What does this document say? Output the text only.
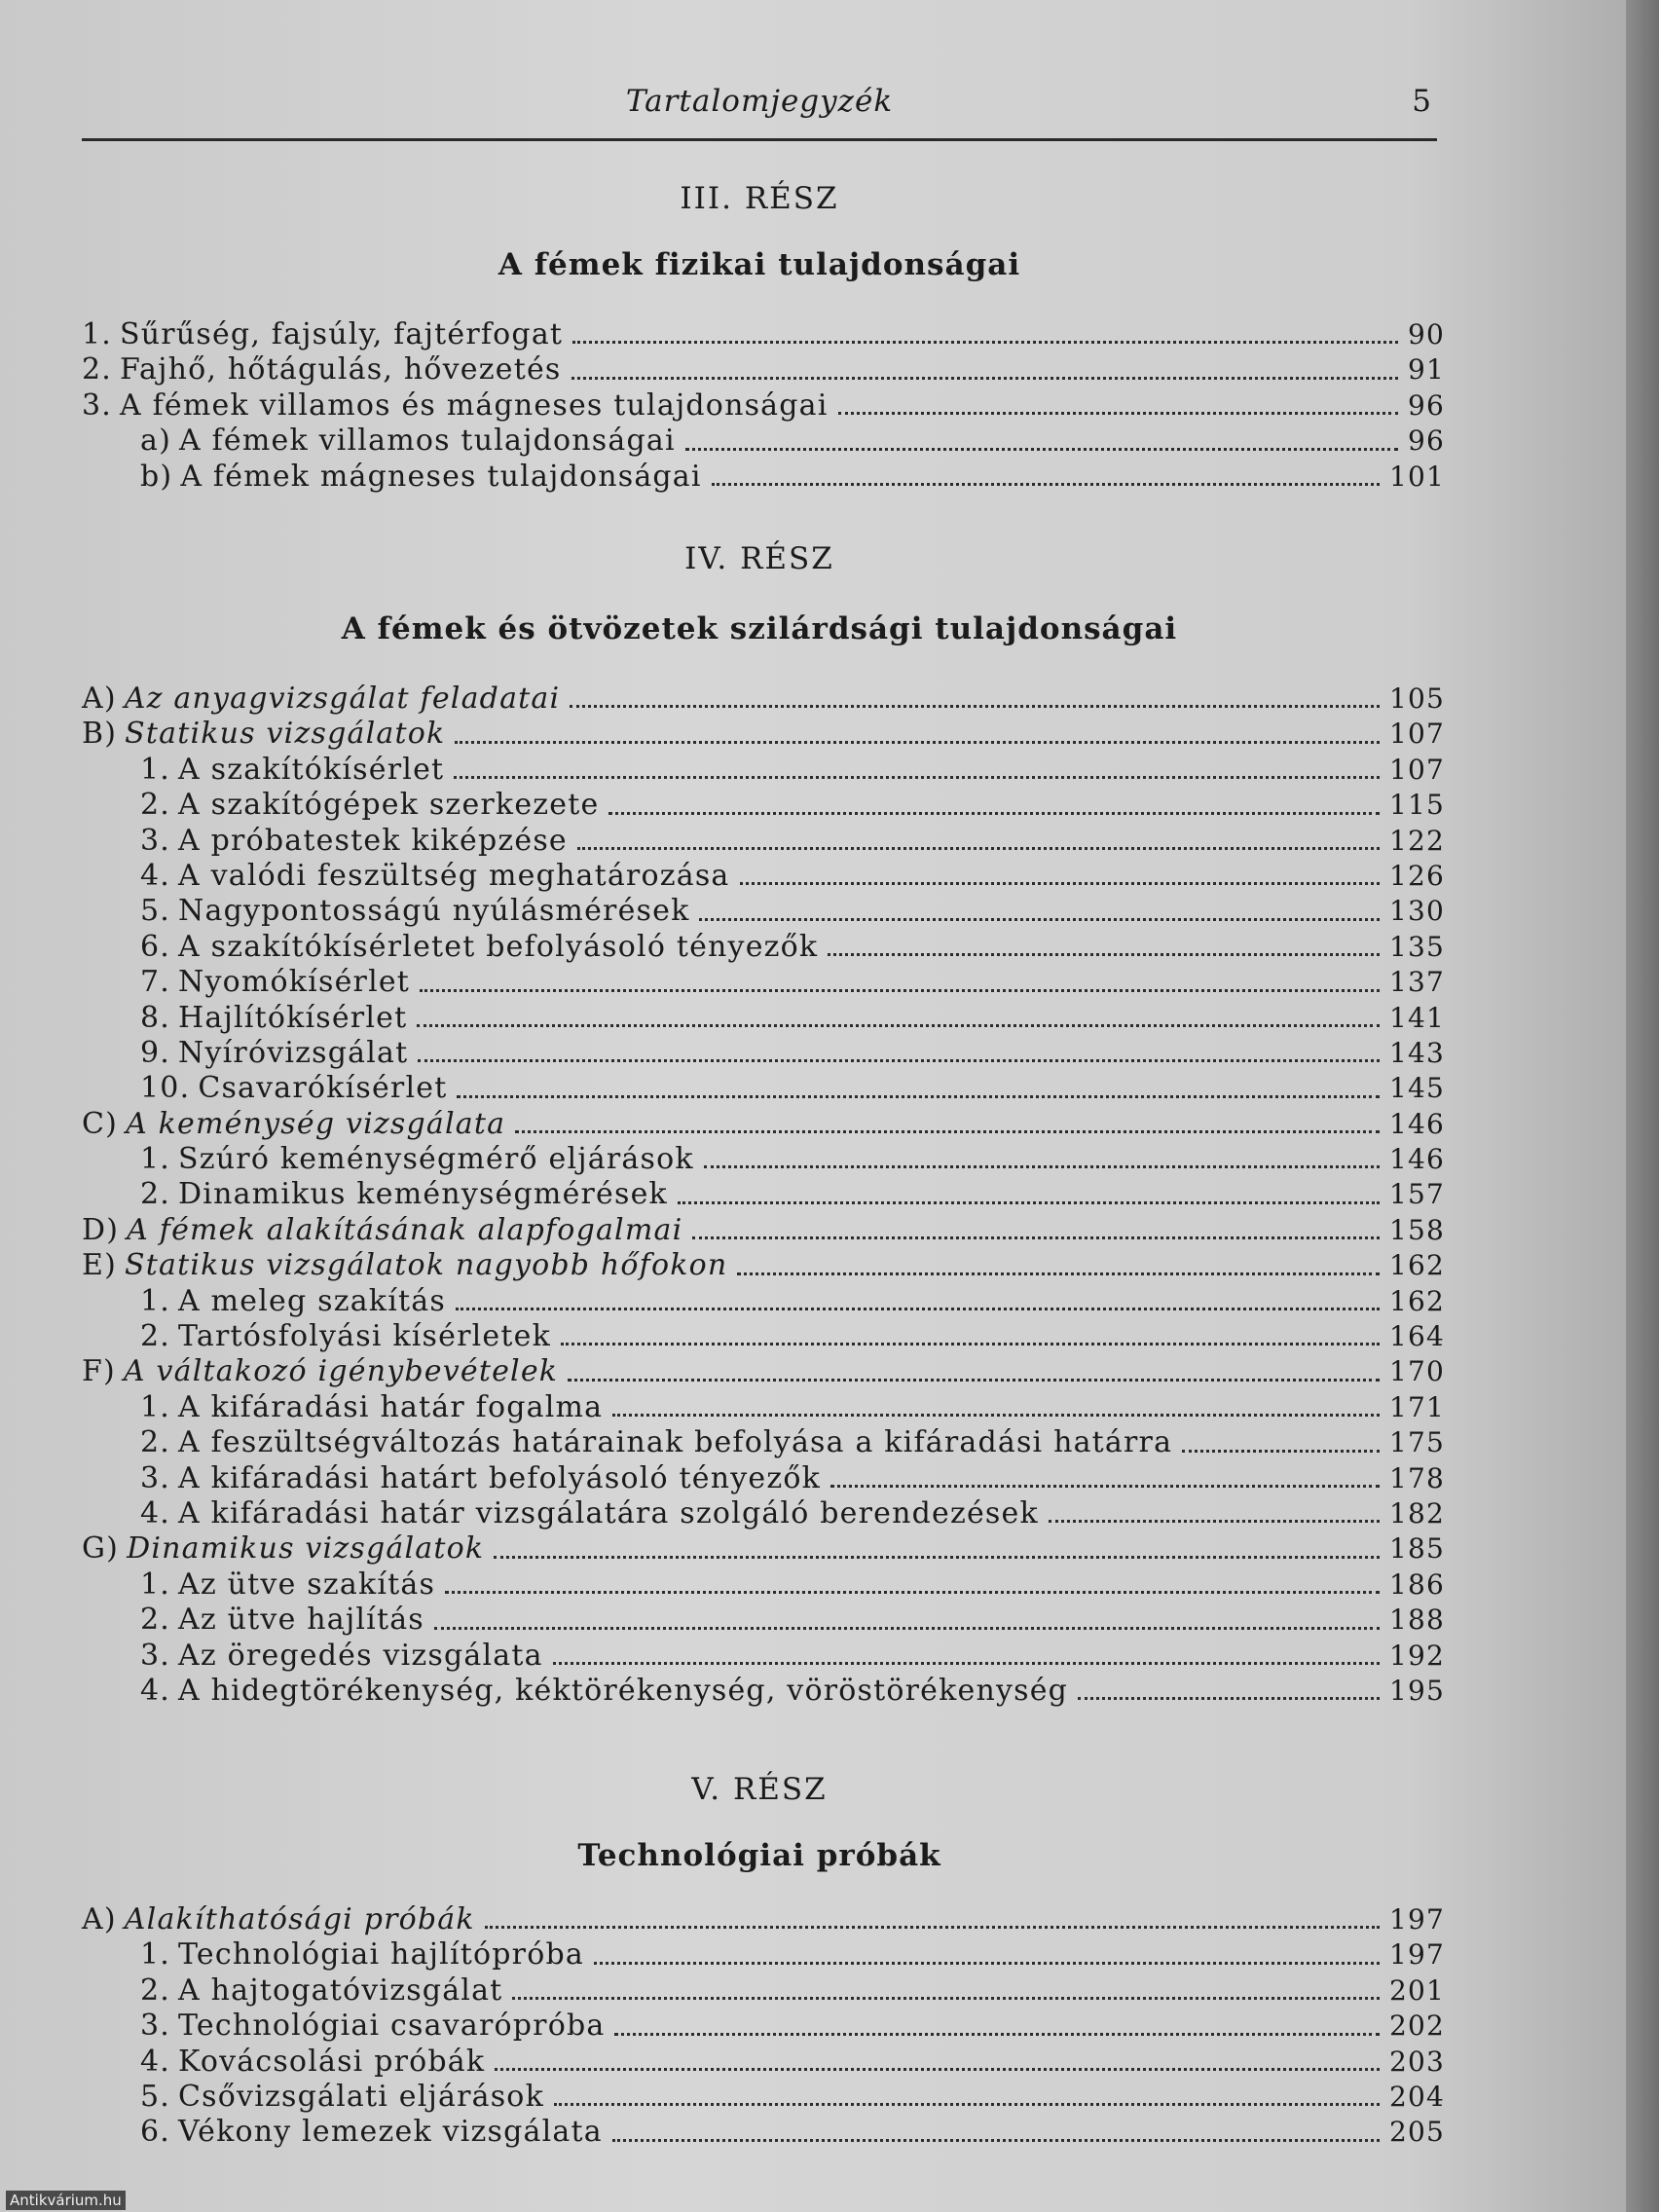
Tartalomjegyzék	5
III. RÉSZ
A fémek fizikai tulajdonságai
1. Sűrűség, fajsúly, fajtérfogat	90
2. Fajhő, hőtágulás, hővezetés	91
3. A fémek villamos és mágneses tulajdonságai	96
a) A fémek villamos tulajdonságai	96
b) A fémek mágneses tulajdonságai	101
IV. RÉSZ
A fémek és ötvözetek szilárdsági tulajdonságai
A) Az anyagvizsgálat feladatai	105
B) Statikus vizsgálatok	107
1. A szakítókísérlet	107
2. A szakítógépek szerkezete	115
3. A próbatestek kiképzése	122
4. A valódi feszültség meghatározása	126
5. Nagypontosságú nyúlásmérések	130
6. A szakítókísérletet befolyásoló tényezők	135
7. Nyomókísérlet	137
8. Hajlítókísérlet	141
9. Nyíróvizsgálat	143
10. Csavarókísérlet	145
C) A keménység vizsgálata	146
1. Szúró keménységmérő eljárások	146
2. Dinamikus keménységmérések	157
D) A fémek alakításának alapfogalmai	158
E) Statikus vizsgálatok nagyobb hőfokon	162
1. A meleg szakítás	162
2. Tartósfolyási kísérletek	164
F) A váltakozó igénybevételek	170
1. A kifáradási határ fogalma	171
2. A feszültségváltozás határainak befolyása a kifáradási határra	175
3. A kifáradási határt befolyásoló tényezők	178
4. A kifáradási határ vizsgálatára szolgáló berendezések	182
G) Dinamikus vizsgálatok	185
1. Az ütve szakítás	186
2. Az ütve hajlítás	188
3. Az öregedés vizsgálata	192
4. A hidegtörékenység, kéktörékenység, vöröstörékenység	195
V. RÉSZ
Technológiai próbák
A) Alakíthatósági próbák	197
1. Technológiai hajlítópróba	197
2. A hajtogatóvizsgálat	201
3. Technológiai csavarópróba	202
4. Kovácsolási próbák	203
5. Csővizsgálati eljárások	204
6. Vékony lemezek vizsgálata	205
Antikvárium.hu
